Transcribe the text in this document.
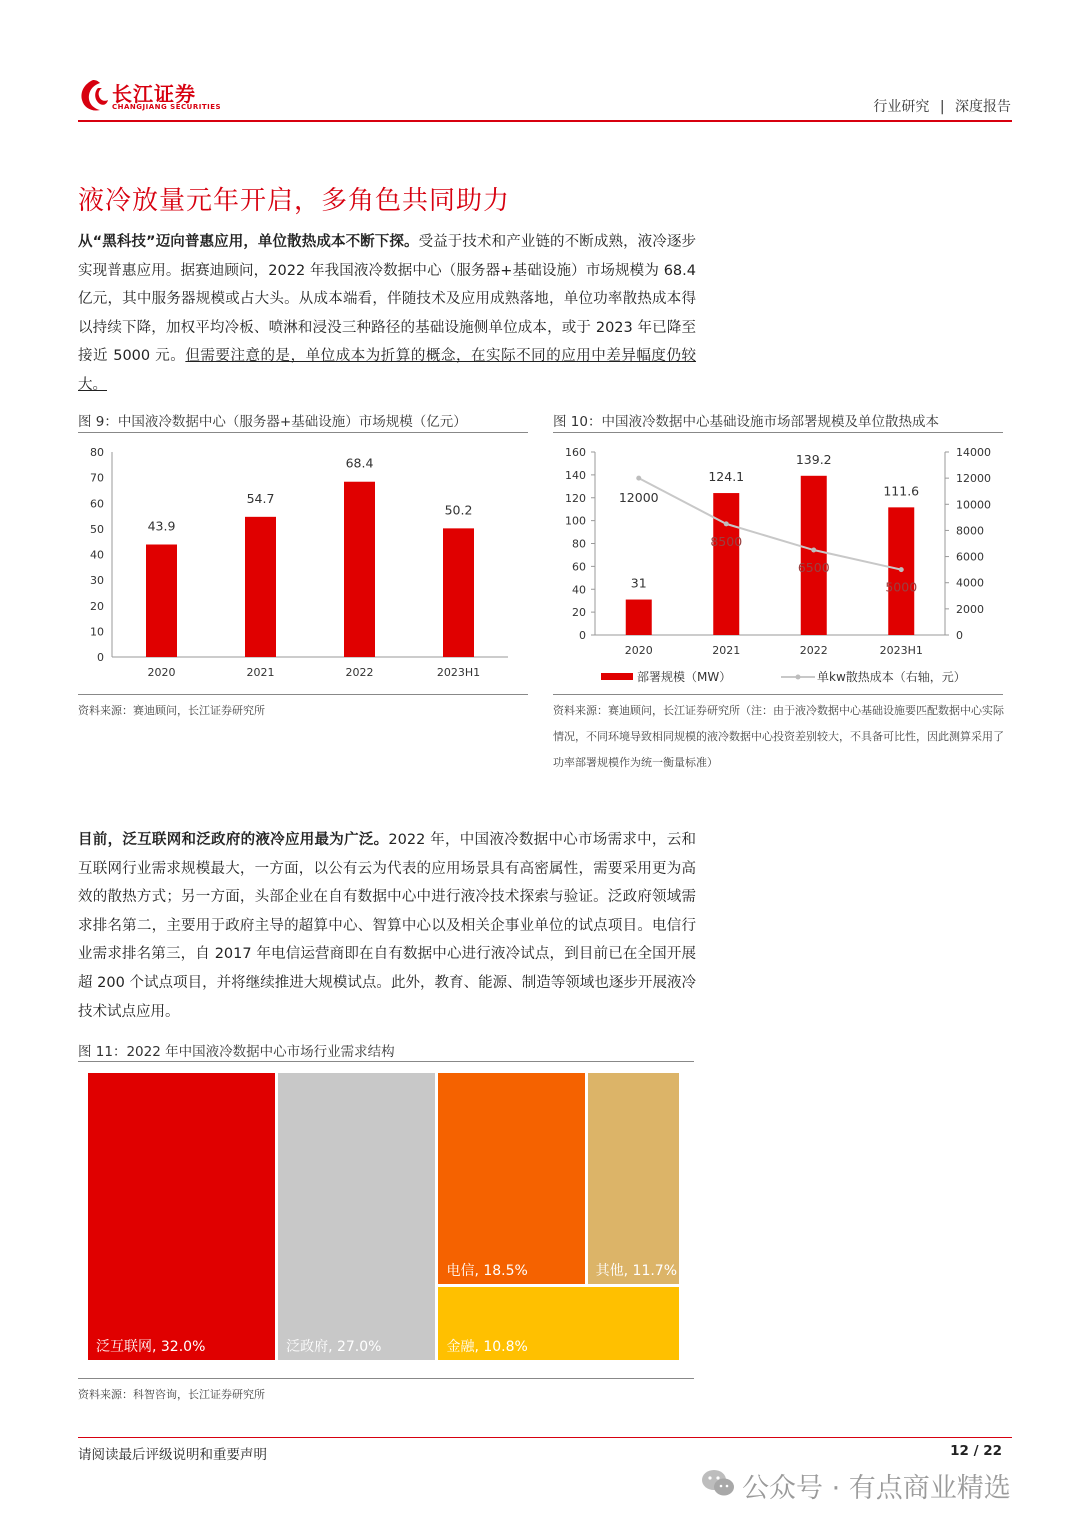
长江证券
CHANGJIANG SECURITIES	行业研究 | 深度报告
液冷放量元年开启，多角色共同助力
从“黑科技”迈向普惠应用，单位散热成本不断下探。受益于技术和产业链的不断成熟，液冷逐步实现普惠应用。据赛迪顾问，2022 年我国液冷数据中心（服务器+基础设施）市场规模为 68.4 亿元，其中服务器规模或占大头。从成本端看，伴随技术及应用成熟落地，单位功率散热成本得以持续下降，加权平均冷板、喷淋和浸没三种路径的基础设施侧单位成本，或于 2023 年已降至接近 5000 元。但需要注意的是，单位成本为折算的概念，在实际不同的应用中差异幅度仍较大。
图 9：中国液冷数据中心（服务器+基础设施）市场规模（亿元）
0
10
20
30
40
50
60
70
80
43.9
2020
54.7
2021
68.4
2022
50.2
2023H1
资料来源：赛迪顾问，长江证券研究所
图 10：中国液冷数据中心基础设施市场部署规模及单位散热成本
0
20
40
60
80
100
120
140
160
0
2000
4000
6000
8000
10000
12000
14000
31
2020
124.1
2021
139.2
2022
111.6
2023H1
12000
8500
6500
5000
部署规模（MW）	单kw散热成本（右轴，元）
资料来源：赛迪顾问，长江证券研究所（注：由于液冷数据中心基础设施要匹配数据中心实际情况，不同环境导致相同规模的液冷数据中心投资差别较大，不具备可比性，因此测算采用了功率部署规模作为统一衡量标准）
目前，泛互联网和泛政府的液冷应用最为广泛。2022 年，中国液冷数据中心市场需求中，云和互联网行业需求规模最大，一方面，以公有云为代表的应用场景具有高密属性，需要采用更为高效的散热方式；另一方面，头部企业在自有数据中心中进行液冷技术探索与验证。泛政府领域需求排名第二，主要用于政府主导的超算中心、智算中心以及相关企事业单位的试点项目。电信行业需求排名第三，自 2017 年电信运营商即在自有数据中心进行液冷试点，到目前已在全国开展超 200 个试点项目，并将继续推进大规模试点。此外，教育、能源、制造等领域也逐步开展液冷技术试点应用。
图 11：2022 年中国液冷数据中心市场行业需求结构
泛互联网, 32.0%	泛政府, 27.0%
电信, 18.5%	其他, 11.7%
金融, 10.8%
资料来源：科智咨询，长江证券研究所
请阅读最后评级说明和重要声明	12 / 22
公众号 · 有点商业精选
